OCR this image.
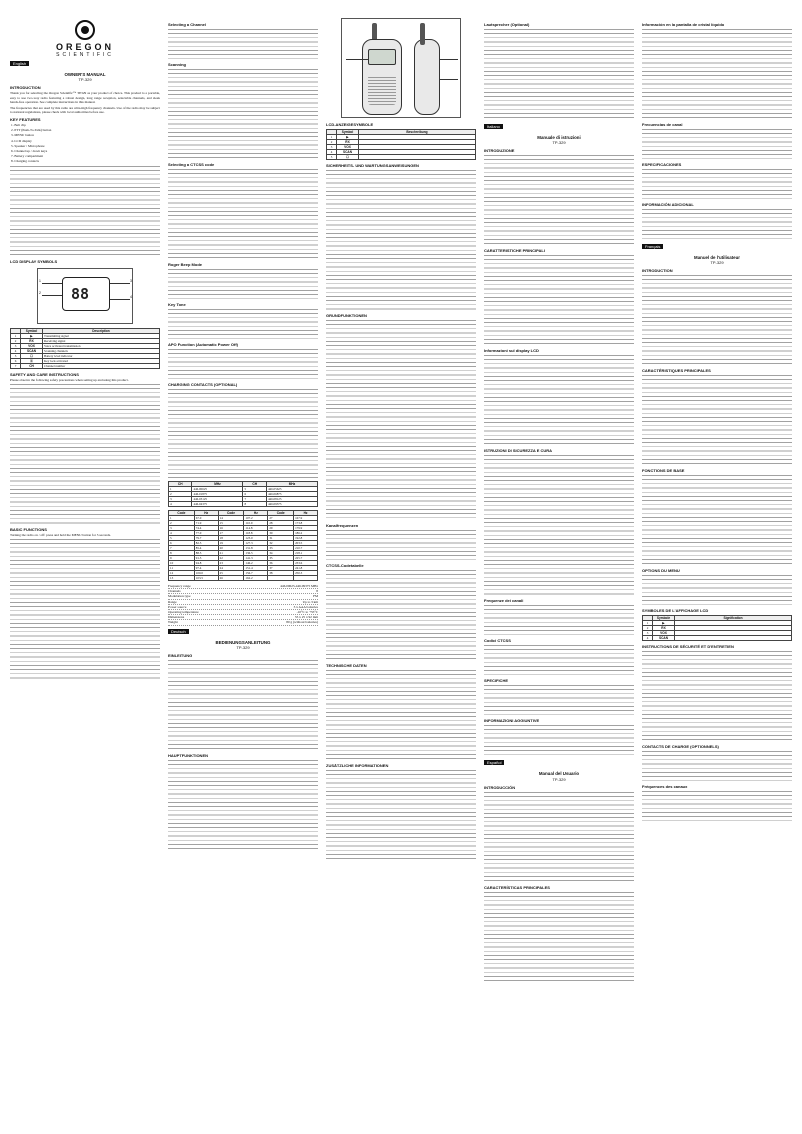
OREGON
SCIENTIFIC
English
OWNER'S MANUAL
TP-329
INTRODUCTION

Thank you for selecting the Oregon Scientific™ TP329 as your product of choice. This product is a portable, easy to use two-way radio featuring a robust design, long range reception, selectable channels, and sleek hands-free operation. See complete instructions in this manual.

The frequencies that are used by this radio are ultra-high frequency channels. Use of the radio may be subject to national regulations, please check with local authorities before use.

KEY FEATURES
1. Belt clip
2. PTT (Push-To-Talk) button
3. MENU button
4. LCD display
5. Speaker / Microphone
6. Channel up / down keys
7. Battery compartment
8. Charging contacts
LCD DISPLAY SYMBOLS
88
1
2
3
4
	Symbol	Description
1	▶	Transmitting signal
2	RX	Receiving signal
3	VOX	Voice activated transmission
4	SCAN	Scanning channels
5	☐	Battery level indicator
6	⚿	Key lock activated
7	CH	Channel number
SAFETY AND CARE INSTRUCTIONS

Please observe the following safety precautions when setting up and using this product.

BASIC FUNCTIONS

Turning the radio on / off: press and hold the MENU button for 3 seconds.

Selecting a Channel
Scanning
Selecting a CTCSS code
Roger Beep Mode
Key Tone
APO Function (Automatic Power Off)
CHARGING CONTACTS (OPTIONAL)
CH	MHz	CH	MHz
1	446.00625	5	446.05625
2	446.01875	6	446.06875
3	446.03125	7	446.08125
4	446.04375	8	446.09375
Code	Hz	Code	Hz	Code	Hz
1	67.0	14	107.2	27	167.9
2	71.9	15	110.9	28	173.8
3	74.4	16	114.8	29	179.9
4	77.0	17	118.8	30	186.2
5	79.7	18	123.0	31	192.8
6	82.5	19	127.3	32	203.5
7	85.4	20	131.8	33	210.7
8	88.5	21	136.5	34	218.1
9	91.5	22	141.3	35	225.7
10	94.8	23	146.2	36	233.6
11	97.4	24	151.4	37	241.8
12	100.0	25	156.7	38	250.3
13	103.5	26	162.2		
Frequency range	446.00625-446.09375 MHz
Channels	8
Modulation type	FM
Range	Up to 3 km
Power source	3 x AAA batteries
Operating temperature	-10°C to +55°C
Dimensions	55 x 25 x 92 mm
Weight	80 g (without batteries)
Deutsch
BEDIENUNGSANLEITUNG
TP-329
EINLEITUNG
HAUPTFUNKTIONEN
LCD-ANZEIGESYMBOLE
	Symbol	Beschreibung
1	▶	
2	RX	
3	VOX	
4	SCAN	
5	☐	
SICHERHEITS- UND WARTUNGSANWEISUNGEN
GRUNDFUNKTIONEN
Kanalfrequenzen
CTCSS-Codetabelle
TECHNISCHE DATEN
ZUSÄTZLICHE INFORMATIONEN
Lautsprecher (Optional)
Italiano
Manuale di istruzioni
TP-329
INTRODUZIONE
CARATTERISTICHE PRINCIPALI
Informazioni sul display LCD
ISTRUZIONI DI SICUREZZA E CURA
Frequenze dei canali
Codici CTCSS
SPECIFICHE
INFORMAZIONI AGGIUNTIVE
Español
Manual del Usuario
TP-329
INTRODUCCIÓN
CARACTERÍSTICAS PRINCIPALES
Información en la pantalla de cristal líquido
Frecuencias de canal
ESPECIFICACIONES
INFORMACIÓN ADICIONAL
Français
Manuel de l'utilisateur
TP-329
INTRODUCTION
CARACTÉRISTIQUES PRINCIPALES
FONCTIONS DE BASE
OPTIONS DU MENU
SYMBOLES DE L'AFFICHAGE LCD
	Symbole	Signification
1	▶	
2	RX	
3	VOX	
4	SCAN	
INSTRUCTIONS DE SÉCURITÉ ET D'ENTRETIEN
CONTACTS DE CHARGE (OPTIONNELS)
Fréquences des canaux
